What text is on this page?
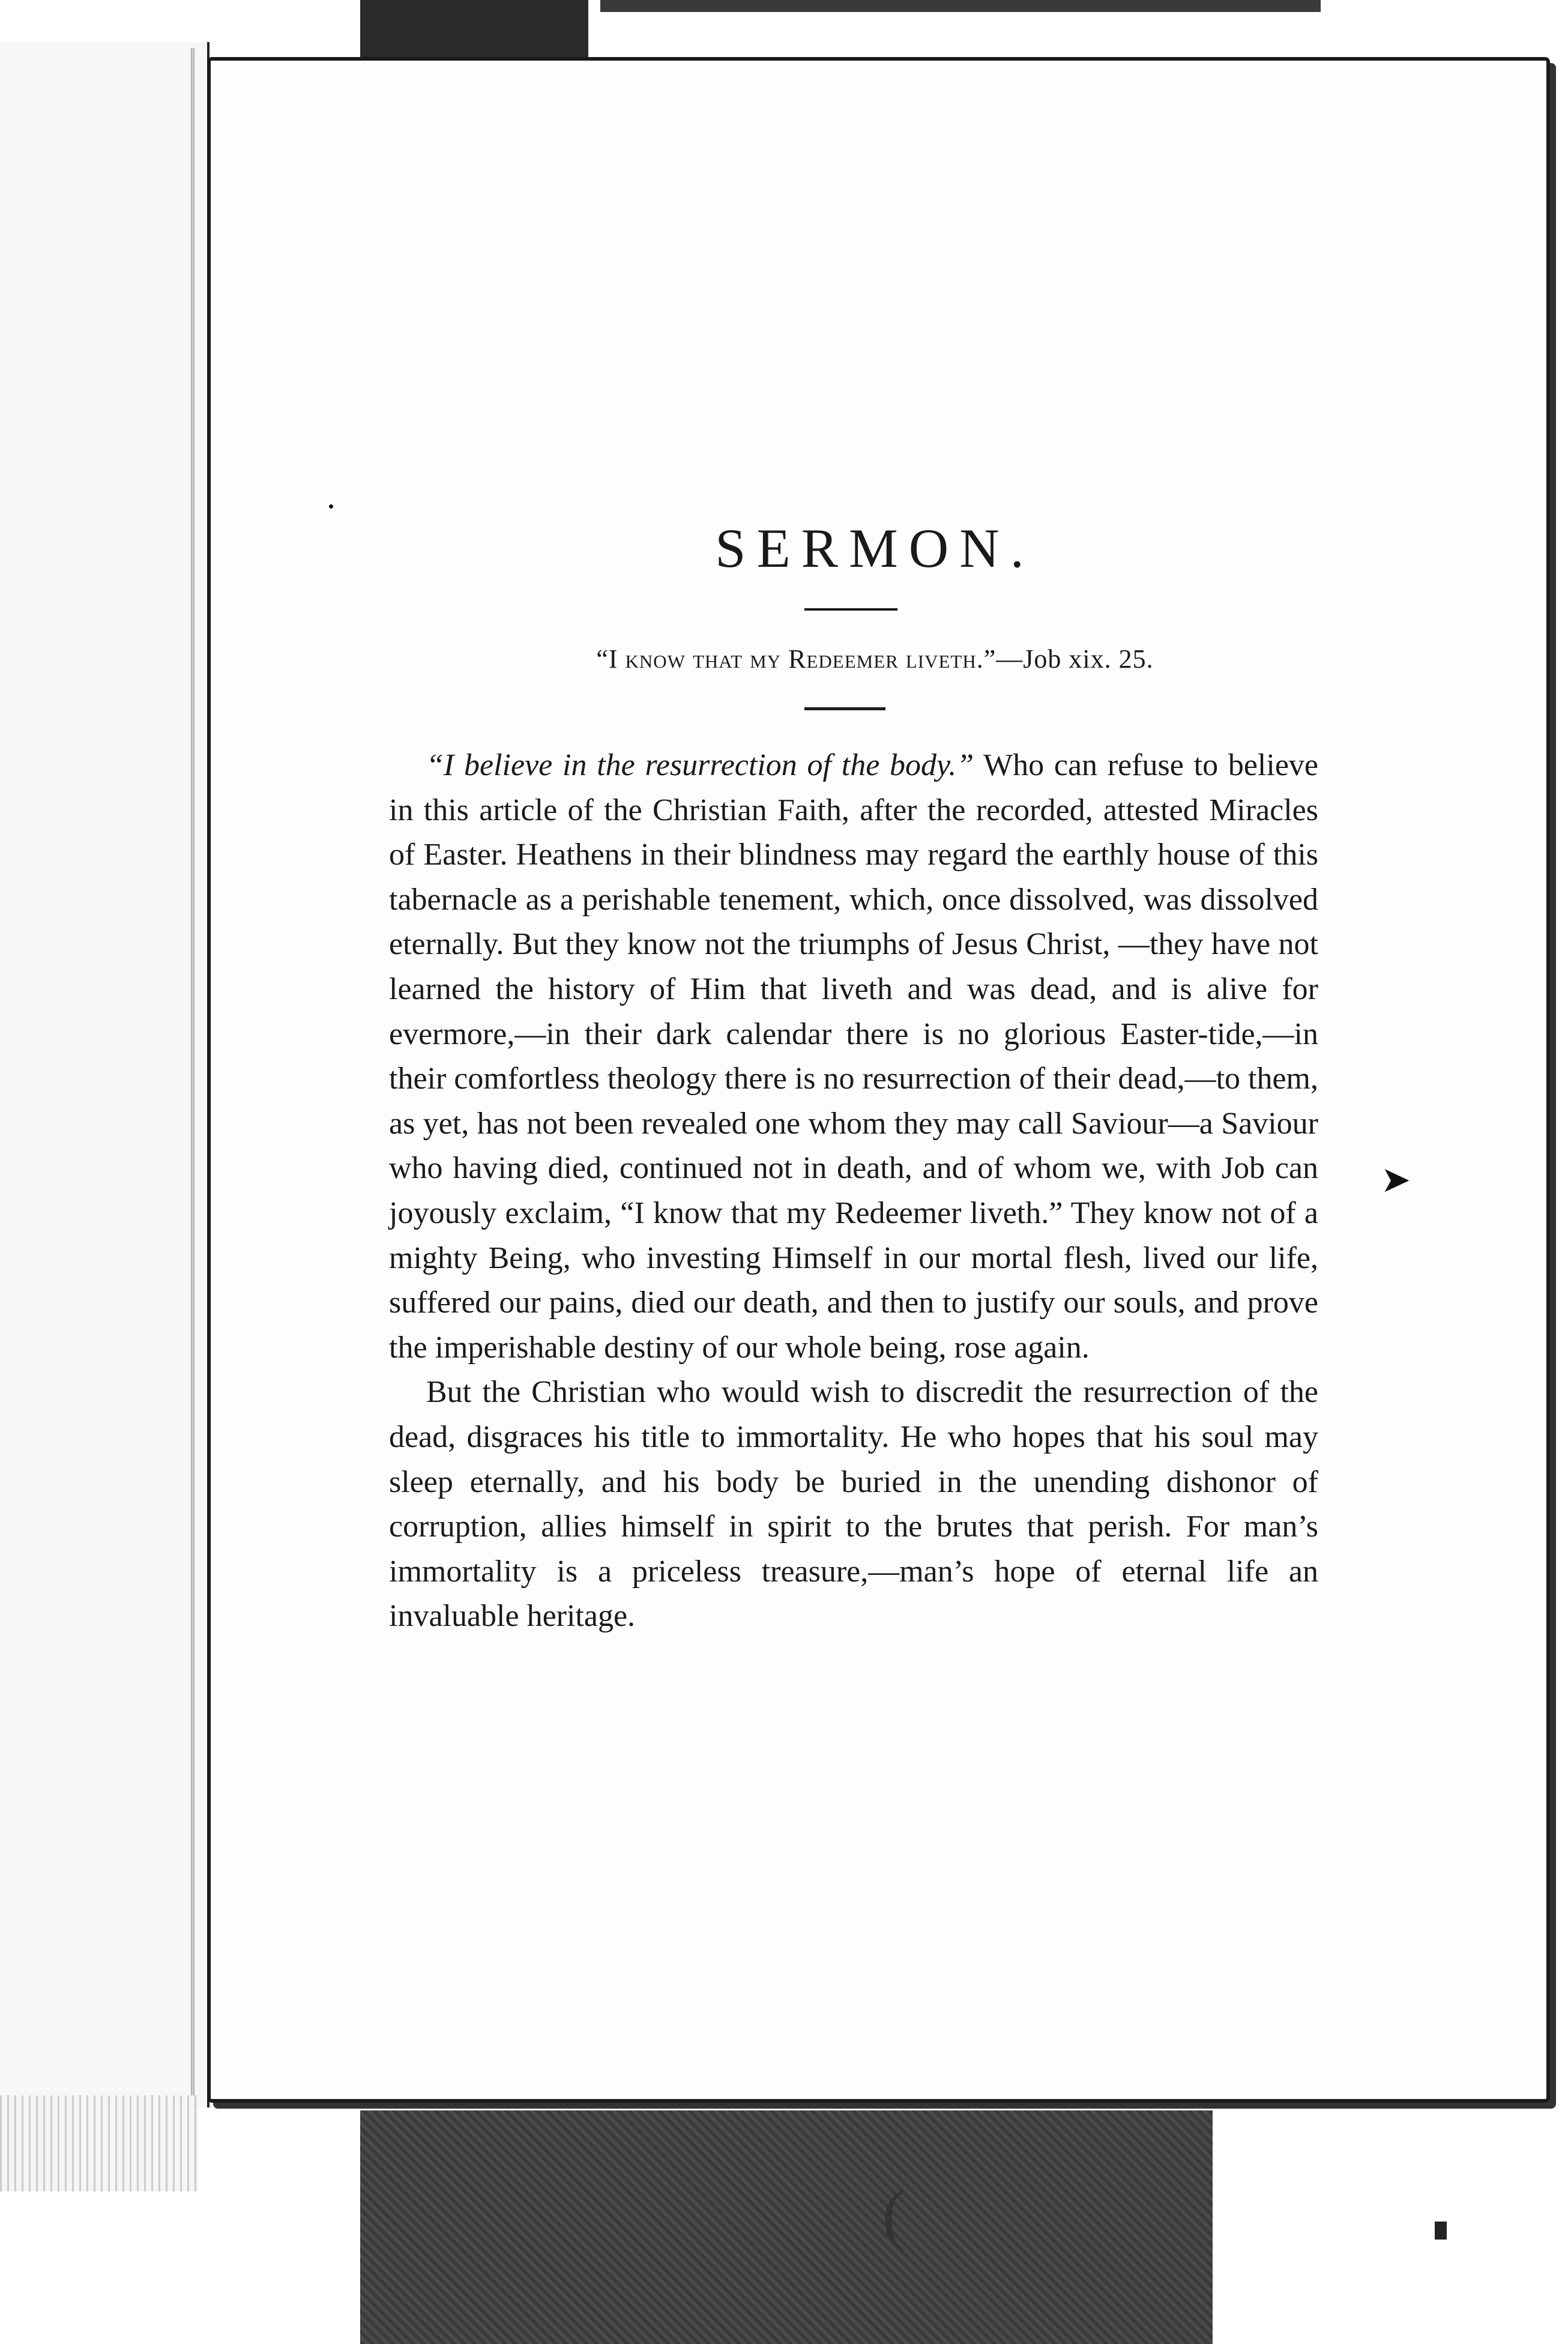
SERMON.
“I know that my Redeemer liveth.”—Job xix. 25.

“I believe in the resurrection of the body.” Who can refuse to believe in this article of the Christian Faith, after the recorded, attested Miracles of Easter. Heathens in their blindness may regard the earthly house of this tabernacle as a perishable tenement, which, once dissolved, was dissolved eternally. But they know not the triumphs of Jesus Christ, —they have not learned the history of Him that liveth and was dead, and is alive for evermore,—in their dark calendar there is no glorious Easter-tide,—in their comfortless theology there is no resurrection of their dead,—to them, as yet, has not been revealed one whom they may call Saviour—a Saviour who having died, continued not in death, and of whom we, with Job can joyously exclaim, “I know that my Redeemer liveth.” They know not of a mighty Being, who investing Himself in our mortal flesh, lived our life, suffered our pains, died our death, and then to justify our souls, and prove the imperishable destiny of our whole being, rose again.

But the Christian who would wish to discredit the resurrection of the dead, disgraces his title to immortality. He who hopes that his soul may sleep eternally, and his body be buried in the unending dishonor of corruption, allies himself in spirit to the brutes that perish. For man’s immortality is a priceless treasure,—man’s hope of eternal life an invaluable heritage.

➤
(
